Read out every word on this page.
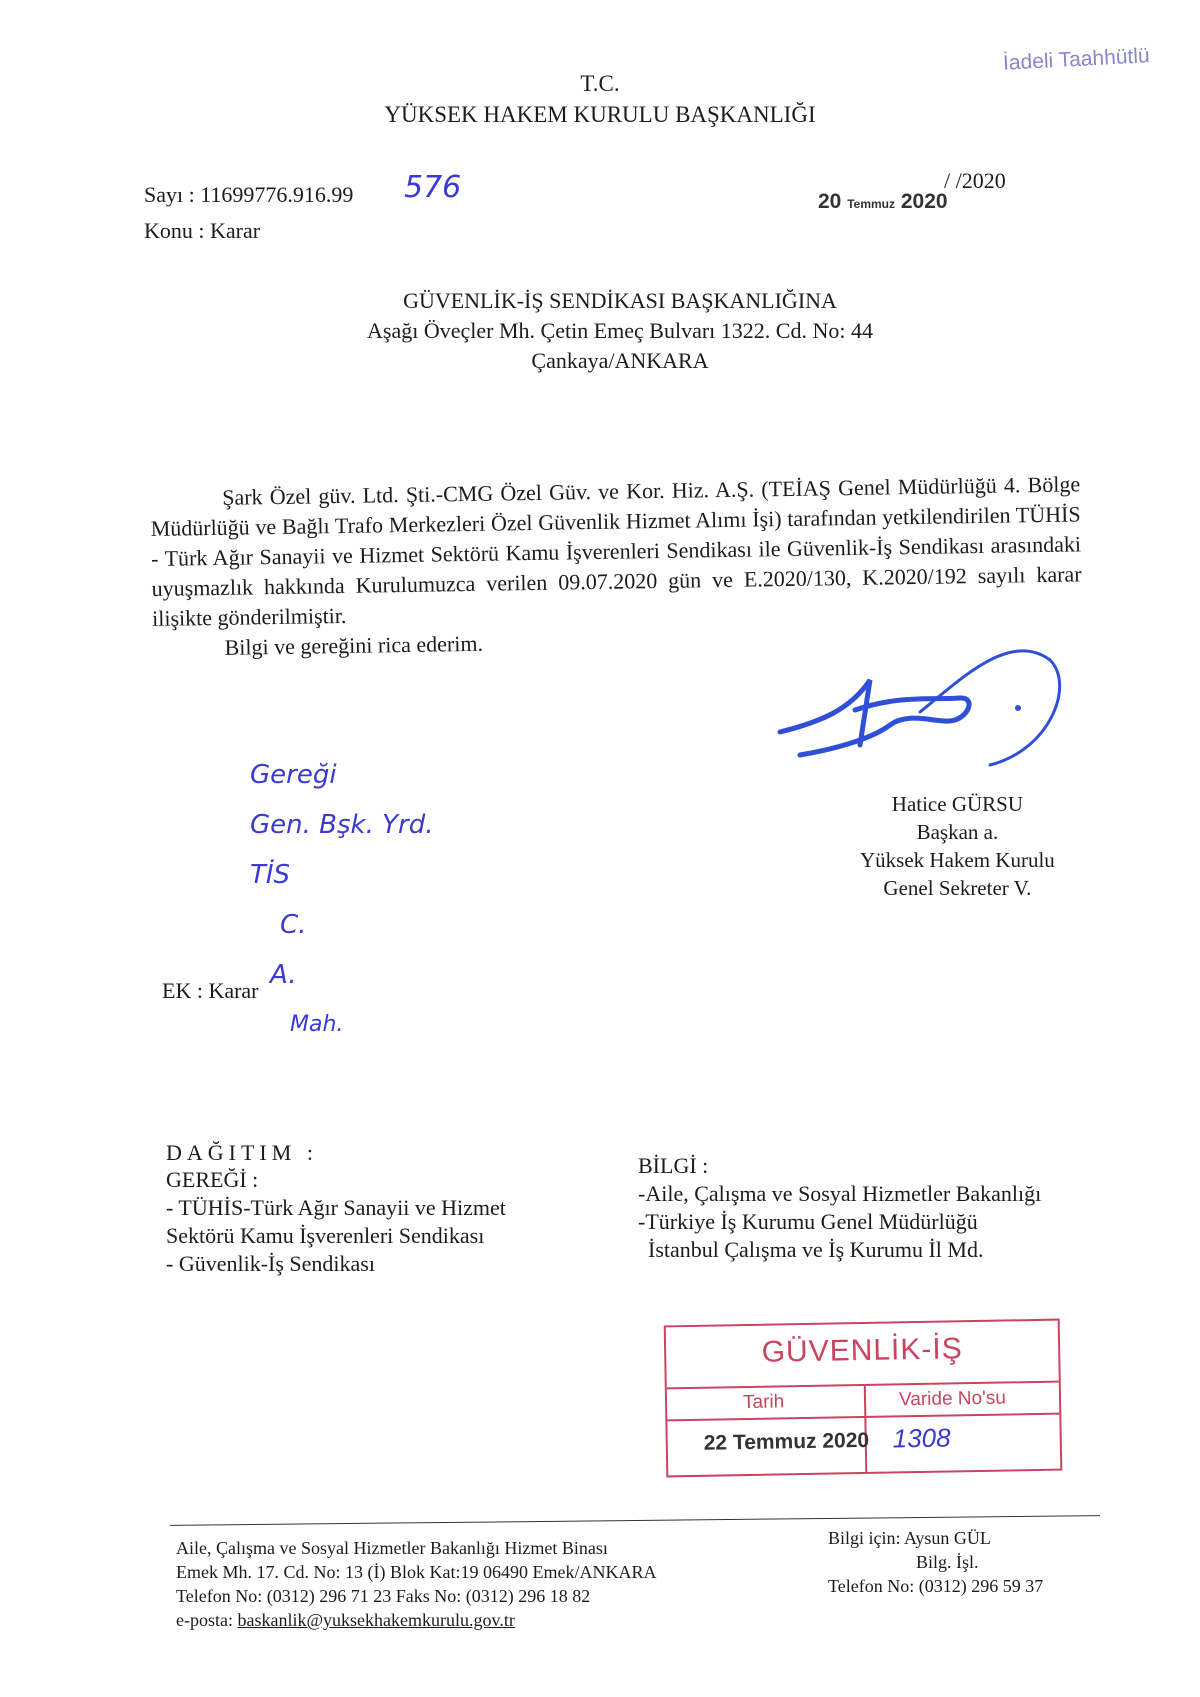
T.C.
YÜKSEK HAKEM KURULU BAŞKANLIĞI
İadeli Taahhütlü
Sayı : 11699776.916.99 576	/ /2020
20 Temmuz 2020
Konu : Karar
GÜVENLİK-İŞ SENDİKASI BAŞKANLIĞINA
Aşağı Öveçler Mh. Çetin Emeç Bulvarı 1322. Cd. No: 44
Çankaya/ANKARA

Şark Özel güv. Ltd. Şti.-CMG Özel Güv. ve Kor. Hiz. A.Ş. (TEİAŞ Genel Müdürlüğü 4. Bölge Müdürlüğü ve Bağlı Trafo Merkezleri Özel Güvenlik Hizmet Alımı İşi) tarafından yetkilendirilen TÜHİS - Türk Ağır Sanayii ve Hizmet Sektörü Kamu İşverenleri Sendikası ile Güvenlik-İş Sendikası arasındaki uyuşmazlık hakkında Kurulumuzca verilen 09.07.2020 gün ve E.2020/130, K.2020/192 sayılı karar ilişikte gönderilmiştir.

Bilgi ve gereğini rica ederim.

Hatice GÜRSU
Başkan a.
Yüksek Hakem Kurulu
Genel Sekreter V.
Gereği
Gen. Bşk. Yrd.
TİS
C.
A.
Mah.
EK : Karar
DAĞITIM :
GEREĞİ :
- TÜHİS-Türk Ağır Sanayii ve Hizmet
Sektörü Kamu İşverenleri Sendikası
- Güvenlik-İş Sendikası
BİLGİ :
-Aile, Çalışma ve Sosyal Hizmetler Bakanlığı
-Türkiye İş Kurumu Genel Müdürlüğü
İstanbul Çalışma ve İş Kurumu İl Md.
GÜVENLİK-İŞ
Tarih	Varide No'su
22 Temmuz 2020 1308
Aile, Çalışma ve Sosyal Hizmetler Bakanlığı Hizmet Binası
Emek Mh. 17. Cd. No: 13 (İ) Blok Kat:19 06490 Emek/ANKARA
Telefon No: (0312) 296 71 23 Faks No: (0312) 296 18 82
e-posta: baskanlik@yuksekhakemkurulu.gov.tr
Bilgi için: Aysun GÜL
Bilg. İşl.
Telefon No: (0312) 296 59 37
